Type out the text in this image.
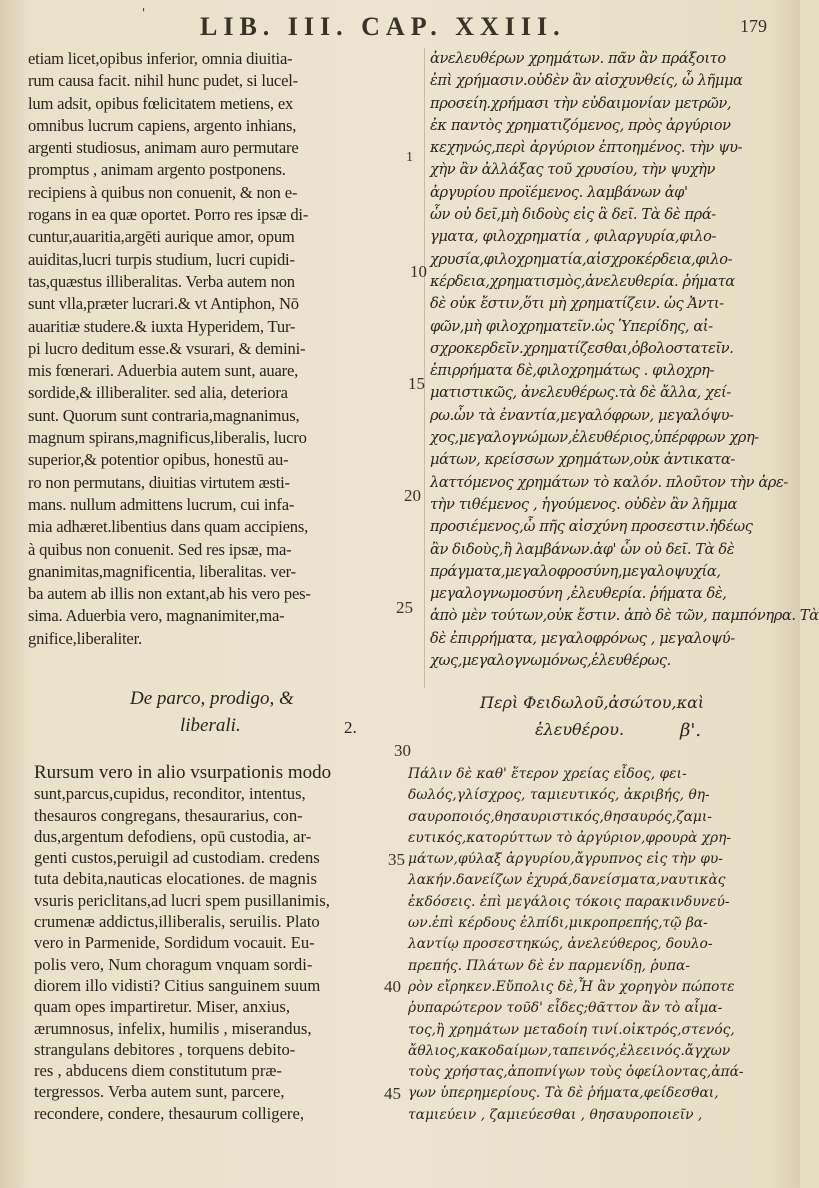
' LIB. III. CAP. XXIII.	179
etiam licet,opibus inferior, omnia diuitia-
rum causa facit. nihil hunc pudet, si lucel-
lum adsit, opibus fœlicitatem metiens, ex
omnibus lucrum capiens, argento inhians,
argenti studiosus, animam auro permutare
promptus , animam argento postponens.
recipiens à quibus non conuenit, & non e-
rogans in ea quæ oportet. Porro res ipsæ di-
cuntur,auaritia,argēti aurique amor, opum
auiditas,lucri turpis studium, lucri cupidi-
tas,quæstus illiberalitas. Verba autem non
sunt vlla,præter lucrari.& vt Antiphon, Nō
auaritiæ studere.& iuxta Hyperidem, Tur-
pi lucro deditum esse.& vsurari, & demini-
mis fœnerari. Aduerbia autem sunt, auare,
sordide,& illiberaliter. sed alia, deteriora
sunt. Quorum sunt contraria,magnanimus,
magnum spirans,magnificus,liberalis, lucro
superior,& potentior opibus, honestū au-
ro non permutans, diuitias virtutem æsti-
mans. nullum admittens lucrum, cui infa-
mia adhæret.libentius dans quam accipiens,
à quibus non conuenit. Sed res ipsæ, ma-
gnanimitas,magnificentia, liberalitas. ver-
ba autem ab illis non extant,ab his vero pes-
sima. Aduerbia vero, magnanimiter,ma-
gnifice,liberaliter.
ἀνελευθέρων χρημάτων. πᾶν ἂν πράξοιτο
ἐπὶ χρήμασιν.οὐδὲν ἂν αἰσχυνθείς, ὧ λῆμμα
προσείη.χρήμασι τὴν εὐδαιμονίαν μετρῶν,
ἐκ παντὸς χρηματιζόμενος, πρὸς ἀργύριον
κεχηνώς,περὶ ἀργύριον ἐπτοημένος. τὴν ψυ-
χὴν ἂν ἀλλάξας τοῦ χρυσίου, τὴν ψυχὴν
ἀργυρίου προϊέμενος. λαμβάνων ἀφ'
ὧν οὐ δεῖ,μὴ διδοὺς εἰς ἃ δεῖ. Τὰ δὲ πρά-
γματα, φιλοχρηματία , φιλαργυρία,φιλο-
χρυσία,φιλοχρηματία,αἰσχροκέρδεια,φιλο-
κέρδεια,χρηματισμὸς,ἀνελευθερία. ῥήματα
δὲ οὐκ ἔστιν,ὅτι μὴ χρηματίζειν. ὡς Ἀντι-
φῶν,μὴ φιλοχρηματεῖν.ὡς Ὑπερίδης, αἰ-
σχροκερδεῖν.χρηματίζεσθαι,ὀβολοστατεῖν.
ἐπιρρήματα δὲ,φιλοχρημάτως . φιλοχρη-
ματιστικῶς, ἀνελευθέρως.τὰ δὲ ἄλλα, χεί-
ρω.ὧν τὰ ἐναντία,μεγαλόφρων, μεγαλόψυ-
χος,μεγαλογνώμων,ἐλευθέριος,ὑπέρφρων χρη-
μάτων, κρείσσων χρημάτων,οὐκ ἀντικατα-
λαττόμενος χρημάτων τὸ καλόν. πλοῦτον τὴν ἀρε-
τὴν τιθέμενος , ἡγούμενος. οὐδὲν ἂν λῆμμα
προσιέμενος,ὧ πῆς αἰσχύνη προσεστιν.ἡδέως
ἂν διδοὺς,ἢ λαμβάνων.ἀφ' ὧν οὐ δεῖ. Τὰ δὲ
πράγματα,μεγαλοφροσύνη,μεγαλοψυχία,
μεγαλογνωμοσύνη ,ἐλευθερία. ῥήματα δὲ,
ἀπὸ μὲν τούτων,οὐκ ἔστιν. ἀπὸ δὲ τῶν, παμπόνηρα. Τὰ
δὲ ἐπιρρήματα, μεγαλοφρόνως , μεγαλοψύ-
χως,μεγαλογνωμόνως,ἐλευθέρως.
10
1
15
20
25
30
35
40
45
De parco, prodigo, &
liberali.	2.
Περὶ Φειδωλοῦ,ἀσώτου,καὶ
ἐλευθέρου.	β'.
Rursum vero in alio vsurpationis modo
sunt,parcus,cupidus, reconditor, intentus,
thesauros congregans, thesaurarius, con-
dus,argentum defodiens, opū custodia, ar-
genti custos,peruigil ad custodiam. credens
tuta debita,nauticas elocationes. de magnis
vsuris periclitans,ad lucri spem pusillanimis,
crumenæ addictus,illiberalis, seruilis. Plato
vero in Parmenide, Sordidum vocauit. Eu-
polis vero, Num choragum vnquam sordi-
diorem illo vidisti? Citius sanguinem suum
quam opes impartiretur. Miser, anxius,
ærumnosus, infelix, humilis , miserandus,
strangulans debitores , torquens debito-
res , abducens diem constitutum præ-
tergressos. Verba autem sunt, parcere,
recondere, condere, thesaurum colligere,
Πάλιν δὲ καθ' ἕτερον χρείας εἶδος, φει-
δωλός,γλίσχρος, ταμιευτικός, ἀκριβής, θη-
σαυροποιός,θησαυριστικός,θησαυρός,ζαμι-
ευτικός,κατορύττων τὸ ἀργύριον,φρουρὰ χρη-
μάτων,φύλαξ ἀργυρίου,ἄγρυπνος εἰς τὴν φυ-
λακήν.δανείζων ἐχυρά,δανείσματα,ναυτικὰς
ἐκδόσεις. ἐπὶ μεγάλοις τόκοις παρακινδυνεύ-
ων.ἐπὶ κέρδους ἐλπίδι,μικροπρεπής,τῷ βα-
λαντίῳ προσεστηκώς, ἀνελεύθερος, δουλο-
πρεπής. Πλάτων δὲ ἐν παρμενίδῃ, ῥυπα-
ρὸν εἴρηκεν.Εὔπολις δὲ,Ἦ ἂν χορηγὸν πώποτε
ῥυπαρώτερον τοῦδ' εἶδες;θᾶττον ἂν τὸ αἷμα-
τος,ἢ χρημάτων μεταδοίη τινί.οἰκτρός,στενός,
ἄθλιος,κακοδαίμων,ταπεινός,ἐλεεινός.ἄγχων
τοὺς χρήστας,ἀποπνίγων τοὺς ὀφείλοντας,ἀπά-
γων ὑπερημερίους. Τὰ δὲ ῥήματα,φείδεσθαι,
ταμιεύειν , ζαμιεύεσθαι , θησαυροποιεῖν ,
